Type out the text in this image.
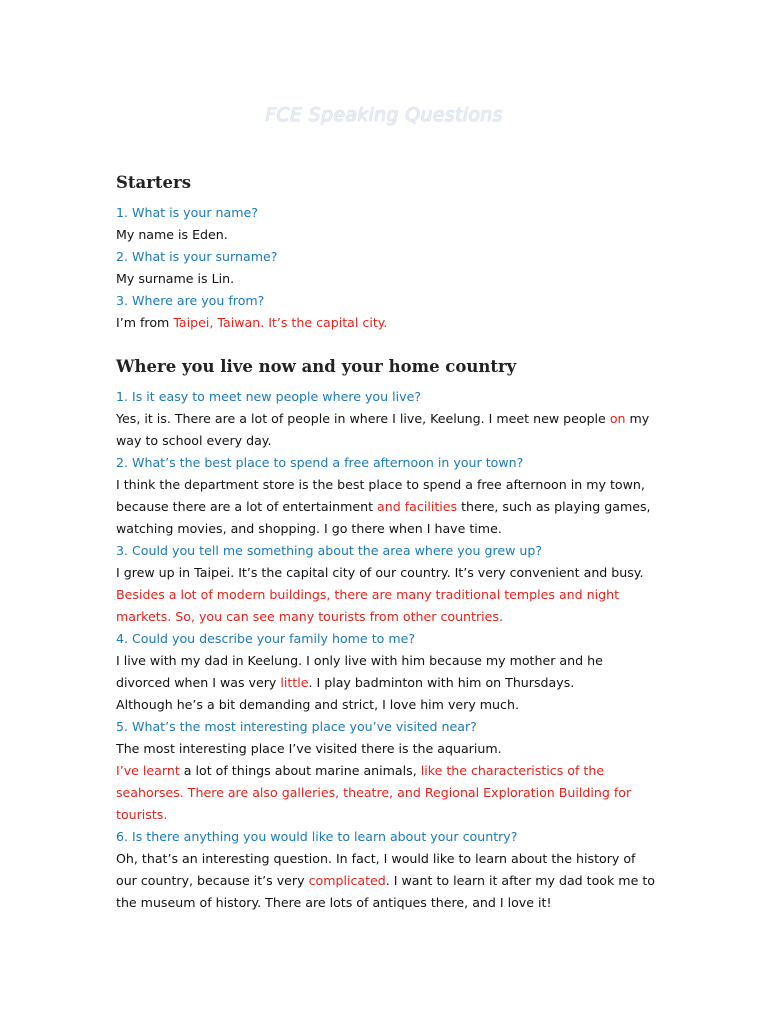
FCE Speaking Questions
Starters
1. What is your name?
My name is Eden.
2. What is your surname?
My surname is Lin.
3. Where are you from?
I’m from Taipei, Taiwan. It’s the capital city.
Where you live now and your home country
1. Is it easy to meet new people where you live?
Yes, it is. There are a lot of people in where I live, Keelung. I meet new people on my way to school every day.
2. What’s the best place to spend a free afternoon in your town?
I think the department store is the best place to spend a free afternoon in my town, because there are a lot of entertainment and facilities there, such as playing games, watching movies, and shopping. I go there when I have time.
3. Could you tell me something about the area where you grew up?
I grew up in Taipei. It’s the capital city of our country. It’s very convenient and busy. Besides a lot of modern buildings, there are many traditional temples and night markets. So, you can see many tourists from other countries.
4. Could you describe your family home to me?
I live with my dad in Keelung. I only live with him because my mother and he divorced when I was very little. I play badminton with him on Thursdays.
Although he’s a bit demanding and strict, I love him very much.
5. What’s the most interesting place you’ve visited near?
The most interesting place I’ve visited there is the aquarium.
I’ve learnt a lot of things about marine animals, like the characteristics of the seahorses. There are also galleries, theatre, and Regional Exploration Building for tourists.
6. Is there anything you would like to learn about your country?
Oh, that’s an interesting question. In fact, I would like to learn about the history of our country, because it’s very complicated. I want to learn it after my dad took me to the museum of history. There are lots of antiques there, and I love it!
